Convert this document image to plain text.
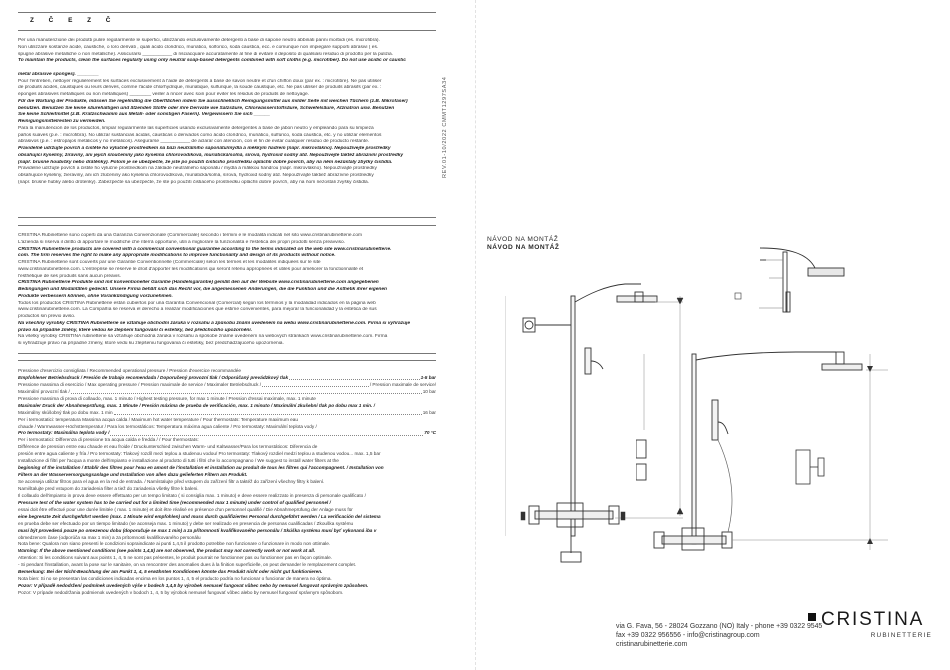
Z Č E Z Č

Per una manutenzione dei prodotti pulire regolarmente le superfici, utilizzando esclusivamente detergenti a base di sapone neutro abbinati panni morbidi (es. microfibra).

Non utilizzare sostanze acide, caustiche, o loro derivati , quali acido cloridrico, muriatico, solforico, soda caustica, ecc. e comunque non impiegare supporti abrasivi ( es.

spugne abrasive metalliche o non metalliche). Assicurarsi ___________ di risciacquare accuratamente al fine di evitare il deposito di qualsiasi residuo di prodotto per la pulizia.

To maintain the products, clean the surfaces regularly using only neutral soap-based detergents combined with soft cloths (e.g. microfiber). Do not use acidic or caustic

metal abrasive sponges). ________

Pour l'entretien, nettoyer régulièrement les surfaces exclusivement à l'aide de détergents à base de savon neutre et d'un chiffon doux (par ex. : microfibre). Ne pas utiliser

de produits acides, caustiques ou leurs dérivés, comme l'acide chlorhydrique, muriatique, sulfurique, la soude caustique, etc. Ne pas utiliser de produits abrasifs (par ex. :

éponges abrasives métalliques ou non métalliques) ________ veiller à rincer avec soin pour éviter les résidus de produits de nettoyage.

Für die Wartung der Produkte, müssen Sie regelmäßig die Oberflächen indem Sie ausschließlich Reinigungsmittel aus milder Seife mit weichen Tüchern (z.B. Mikrofaser)

benutzen. Benutzen Sie keine säurehaltigen und ätzenden Stoffe oder ihre Derivate wie Salzsäure, Chlorwasserstoffsäure, Schwefelsäure, Ätznatron usw. Benutzen

Sie keine Schleifmittel (z.B. Kratzschwamm aus Metall- oder sonstigen Fasern). Vergewissern Sie sich ______

Reinigungsmittelresten zu vermeiden.

Para la manutención de los productos, limpiar regularmente las superficies usando exclusivamente detergentes a base de jabón neutro y empleando para su limpieza

paños suaves (p.e. : microfibra). No utilizar sustancias ácidas, cáusticas o derivados como ácido clorídrico, muriático, sulfúrico, soda cáustica, etc. y no utilizar elementos

abrasivos (p.e. : estropajos metálicos y no metálicos). Asegurarse ___________ de aclarar con atención, con el fin de evitar cualquier residuo de producto restante.

Pravidelně udržujte povrch a čistěte ho výlučně prostředkem na bázi neutrálního saponátu/mýdla a měkkým hadrem (napr. mikrovlákno). Nepoužívejte prostředky

obsahující kyseliny, žíraviny, ani jejich sloučeniny jako kyselina chlorovodíková, muriatická/solná, sírová, hydroxid sodný atd. Nepoužívejte taktéž abrazivní prostředky

(např. brusné houbičky nebo drátěnky). Potom je se ubezpečte, že jste po použití čisticího prostředku opláchli dobře povrch, aby na něm nezůstaly zbytky čistidla.

Pravidelne udržujte povrch a čistite ho výlučne prostriedkom na základe neutrálneho saponátu / mydla a mäkkou handrou (napr. mikrovlákno). Nepoužívajte prostriedky

obsahujúce kyseliny, žieraviny, ani ich zlúčeniny ako kyselina chlorovodíková, muriatická/solná, sírová, hydroxid sodný atď. Nepoužívajte taktiež abrazívne prostriedky

(napr. brúsne hubky alebo drôtenky). Zabezpečte sa ubezpečte, že ste po použití čistiaceho prostriedku opláchli dobre povrch, aby na ňom nezostali zvyšky čistidla.

CRISTINA Rubinetterie sono coperti da una Garanzia Convenzionale (Commerciale) secondo i termini e le modalità indicati nel sito www.cristinarubinetterie.com

L'azienda si riserva il diritto di apportare le modifiche che riterrà opportune, utili a migliorare la funzionalità e l'estetica dei propri prodotti senza preavviso.

CRISTINA Rubinetterie products are covered with a commercial conventional guarantee according to the terms indicated on the web site www.cristinarubinetterie.

com. The firm reserves the right to make any appropriate modifications to improve functionality and design of its products without notice.

CRISTINA Rubinetterie sont couverts par une Garantie Conventionnelle (Commerciale) selon les termes et les modalités indiquées sur le site

www.cristinarubinetterie.com. L'entreprise se réserve le droit d'apporter les modifications qui seront retenu appropriées et utiles pour améliorer la fonctionnalité et

l'esthétique de ses produits sans aucun préavis.

CRISTINA Rubinetterie Produkte sind mit konventioneller Garantie (Handelsgarantie) gemäß den auf der Website www.cristinarubinetterie.com angegebenen

Bedingungen und Modalitäten gedeckt. Unsere Firma behält sich das Recht vor, die angemessenen Änderungen, die die Funktion und die Ästhetik ihrer eigenen

Produkte verbessern können, ohne Vorankündigung vorzunehmen.

Todos los productos CRISTINA Rubinetterie están cubiertos por una Garantía Convencional (Comercial) según los términos y la modalidad indicados en la página web

www.cristinarubinetterie.com. La Compañía se reserva el derecho a realizar modificaciones que estime convenientes, para mejorar la funcionalidad y la estética de sus

productos sin previo aviso.

Na všechny výrobky CRISTINA Rubinetterie se vztahuje obchodní záruka v rozsahu a způsobu známí uvedeném na webu www.cristinarubinetterie.com. Firma si vyhrazuje

právo na případné změny, které vedou ke zlepšení fungování či estetiky, bez předchozího upozornění.

Na všetky výrobky CRISTINA rubinetterie sa vzťahuje obchodná záruka v rozsahu a spôsobe známe uvedeném na webových stránkach www.cristinarubinetterie.com. Firma

si vyhradzuje právo na prípadné zmeny, ktoré vedú ku zlepšeniu fungovania či estetiky, bez predchádzajúceho upozornenia.

Pressione d'esercizio consigliata / Recommended operational pressure / Pression d'exercice recommandée

Empfohlener Betriebsdruck / Presión de trabajo recomendada / Doporučený provozní tlak / Odporúčaný prevádzkový tlak	1-5 bar

Pressione massima di esercizio / Max operating pressure / Pression maximale de service / Maximaler Betriebsdruck /	/ Pression maximale de service/

Maximální provozní tlak /	10 bar

Pressione massima di prova di collaudo, max. 1 minuto / Highest testing pressure, for max 1 minute / Pression d'essai maximale, max. 1 minute

Maximaler Druck der Abnahmeprüfung, max. 1 Minute / Presión máxima de prueba de verificación, max. 1 minuto / Maximální zkušební tlak po dobu max 1 min. /

Maximálny skúšobný tlak po dobu max. 1 min	16 bar

Per i termostatici: temperatura Massima acqua calda / Maximum hot water temperature / Pour thermostats: Temperature maximum eau

chaude / Warmwasser-Höchsttemperatur / Para los termostáticos: Temperatura máxima agua caliente / Pro termostaty: Maximální teplota vody /

Pro termostaty: Maximálna teplota vody /	70 °C

Per i termostatici: Differenza di pressione tra acqua calda e fredda / / Pour thermostats:

Différence de pression entre eau chaude et eau froide / Druckunterschied zwischen Warm- und Kaltwasser/Para los termostáticos: Diferencia de

presión entre agua caliente y fría / Pro termostaty: Tlakový rozdíl mezi teplou a studenou vodou/ Pro termostaty: Tlakový rozdiel medzi teplou a studenou vodou... max. 1,5 bar

Installazione di filtri per l'acqua a monte dell'impianto e installazione al prodotto di tutti i filtri che lo accompagnano / We suggest to install water filters at the

beginning of the installation / Etablir des filtres pour l'eau en amont de l'installation et installation au produit de tous les filtres qui l'accompagnent. / Installation von

Filtern an der Wasserversorgungsanlage und Installation von allen dazu gelieferten Filtern am Produkt.

Se aconseja utilizar filtros para el agua en la red de entrada. / Namístalujte před vstupem do zařízení filtr a taktéž do zařízení všechny filtry k balení.

Namištalujte pred vstupom do zariadenia filter a tiež do zariadenia všetky filtre k baleni.

Il collaudo dell'impianto in prova deve essere effettuato per un tempo limitato ( si consiglia max. 1 minuto) e deve essere realizzato in presenza di personale qualificato /

Pressure test of the water system has to be carried out for a limited time (recommended max 1 minute) under control of qualified personnel /

essai doit être effectué pour une durée limitée ( max. 1 minute) et doit être réalisé en présence d'un personnel qualifié / Die Abnahmeprüfung der Anlage muss für

eine begrenzte Zeit durchgeführt werden (max. 1 Minute wird empfohlen) und muss durch qualifiziertes Personal durchgeführt werden / La verificación del sistema

en prueba debe ser efectuado por un tiempo limitado (se aconseja max. 1 minuto) y debe ser realizado en presencia de personas cualificadas / Zkouška systému

musí být provedená pouze po omezenou dobu (doporučuje se max 1 min) a za přítomnosti kvalifikovaného personálu / Skúška systému musí byť vykonaná iba v

obmedzenom čase (odporúča sa max 1 min) a za prítomnosti kvalifikovaného personálu

Nota bene: Qualora non siano presenti le condizioni sopraindicate ai punti 1,4,5 il prodotto potrebbe non funzionare o funzionare in modo non ottimale.

Warning: If the above mentioned conditions (see points 1,4,5) are not observed, the product may not correctly work or not work at all.

Attention: Si les conditions suivant aux points 1, 4, 5 ne sont pas présentes, le produit pourrait ne fonctionner pas ou fonctionner pas en façon optimale.

- Si pendant l'installation, avant la pose sur le sanitaire, on va rencontrer des anomalies dues à la finition superficielle, on peut demander le remplacement complet.

Bemerkung: Bei der Nicht-Beachtung der am Punkt 1, 4, 5 erwähnten Konditionen könnte das Produkt nicht oder nicht gut funktionieren.

Nota bien: Si no se presentan las condiciones indicadas encima en los puntos 1, 4, 5 el producto podría no funcionar o funcionar de manera no óptima.

Pozor: V případě nedodržení podmínek uvedených výše v bodech 1,4,5 by výrobek nemusel fungovat vůbec nebo by nemusel fungovat správným způsobem.

Pozor: V prípade nedodržania podmienok uvedených v bodoch 1, 4, 5 by výrobok nemusel fungovať vôbec alebo by nemusel fungovať správnym spôsobom.

REV.01-10/2022 CMMT1297SA34
NÁVOD NA MONTÁŽ
NÁVOD NA MONTÁŽ
CRISTINA
RUBINETTERIE
via G. Fava, 56 - 28024 Gozzano (NO) Italy - phone +39 0322 9545
fax +39 0322 956556 - info@cristinagroup.com
cristinarubinetterie.com
